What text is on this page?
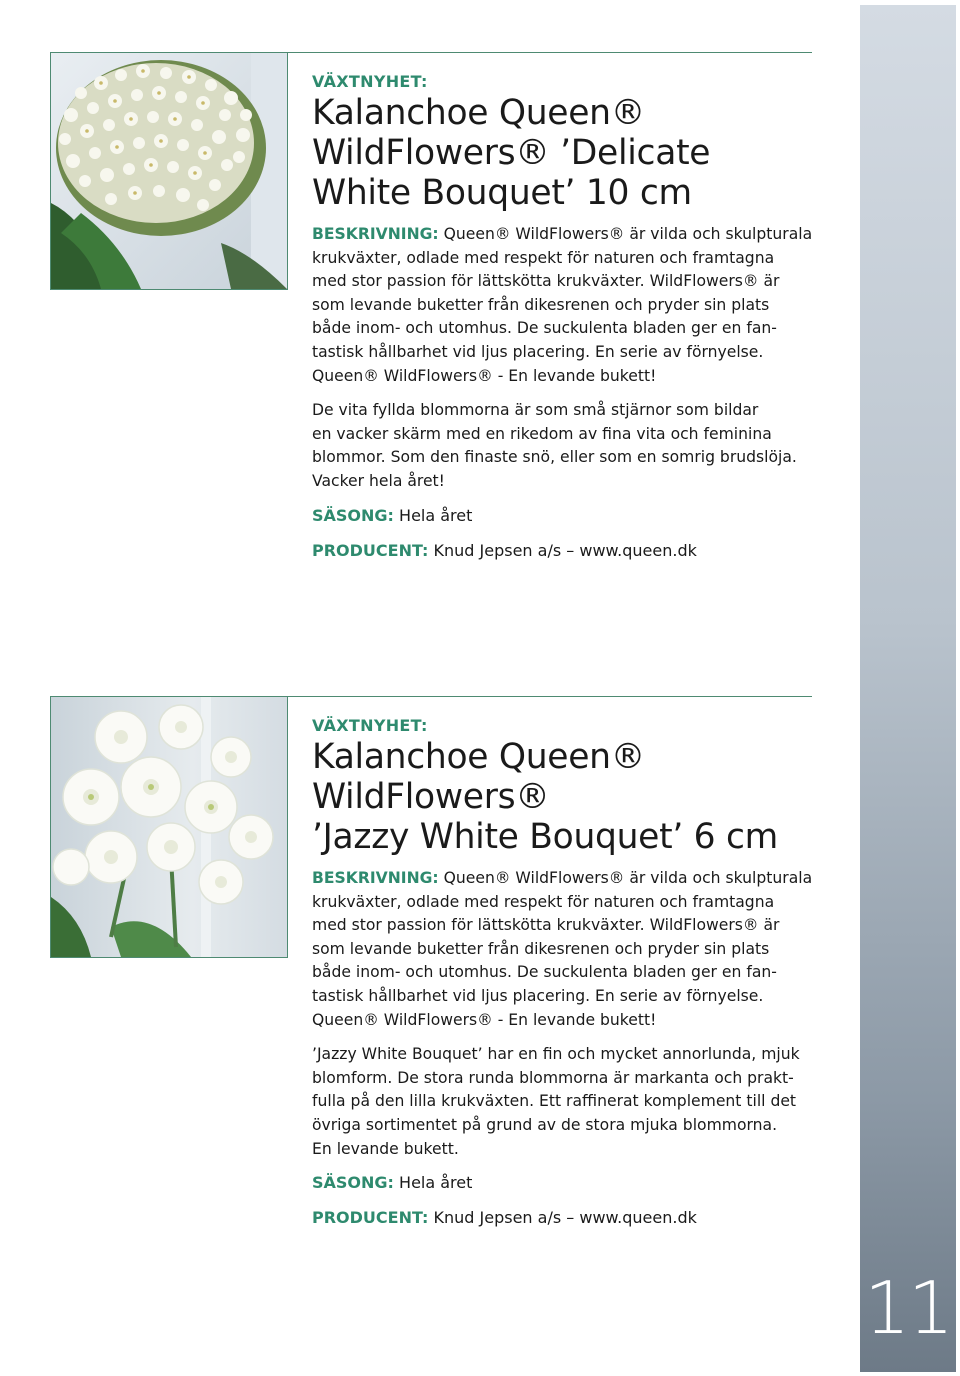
11
VÄXTNYHET:
Kalanchoe Queen®
WildFlowers® ’Delicate
White Bouquet’ 10 cm

BESKRIVNING: Queen® WildFlowers® är vilda och skulpturala
krukväxter, odlade med respekt för naturen och framtagna
med stor passion för lättskötta krukväxter. WildFlowers® är
som levande buketter från dikesrenen och pryder sin plats
både inom- och utomhus. De suckulenta bladen ger en fan-
tastisk hållbarhet vid ljus placering. En serie av förnyelse.
Queen® WildFlowers® - En levande bukett!

De vita fyllda blommorna är som små stjärnor som bildar
en vacker skärm med en rikedom av fina vita och feminina
blommor. Som den finaste snö, eller som en somrig brudslöja.
Vacker hela året!

SÄSONG: Hela året

PRODUCENT: Knud Jepsen a/s – www.queen.dk

VÄXTNYHET:
Kalanchoe Queen®
WildFlowers®
’Jazzy White Bouquet’ 6 cm

BESKRIVNING: Queen® WildFlowers® är vilda och skulpturala
krukväxter, odlade med respekt för naturen och framtagna
med stor passion för lättskötta krukväxter. WildFlowers® är
som levande buketter från dikesrenen och pryder sin plats
både inom- och utomhus. De suckulenta bladen ger en fan-
tastisk hållbarhet vid ljus placering. En serie av förnyelse.
Queen® WildFlowers® - En levande bukett!

’Jazzy White Bouquet’ har en fin och mycket annorlunda, mjuk
blomform. De stora runda blommorna är markanta och prakt-
fulla på den lilla krukväxten. Ett raffinerat komplement till det
övriga sortimentet på grund av de stora mjuka blommorna.
En levande bukett.

SÄSONG: Hela året

PRODUCENT: Knud Jepsen a/s – www.queen.dk
